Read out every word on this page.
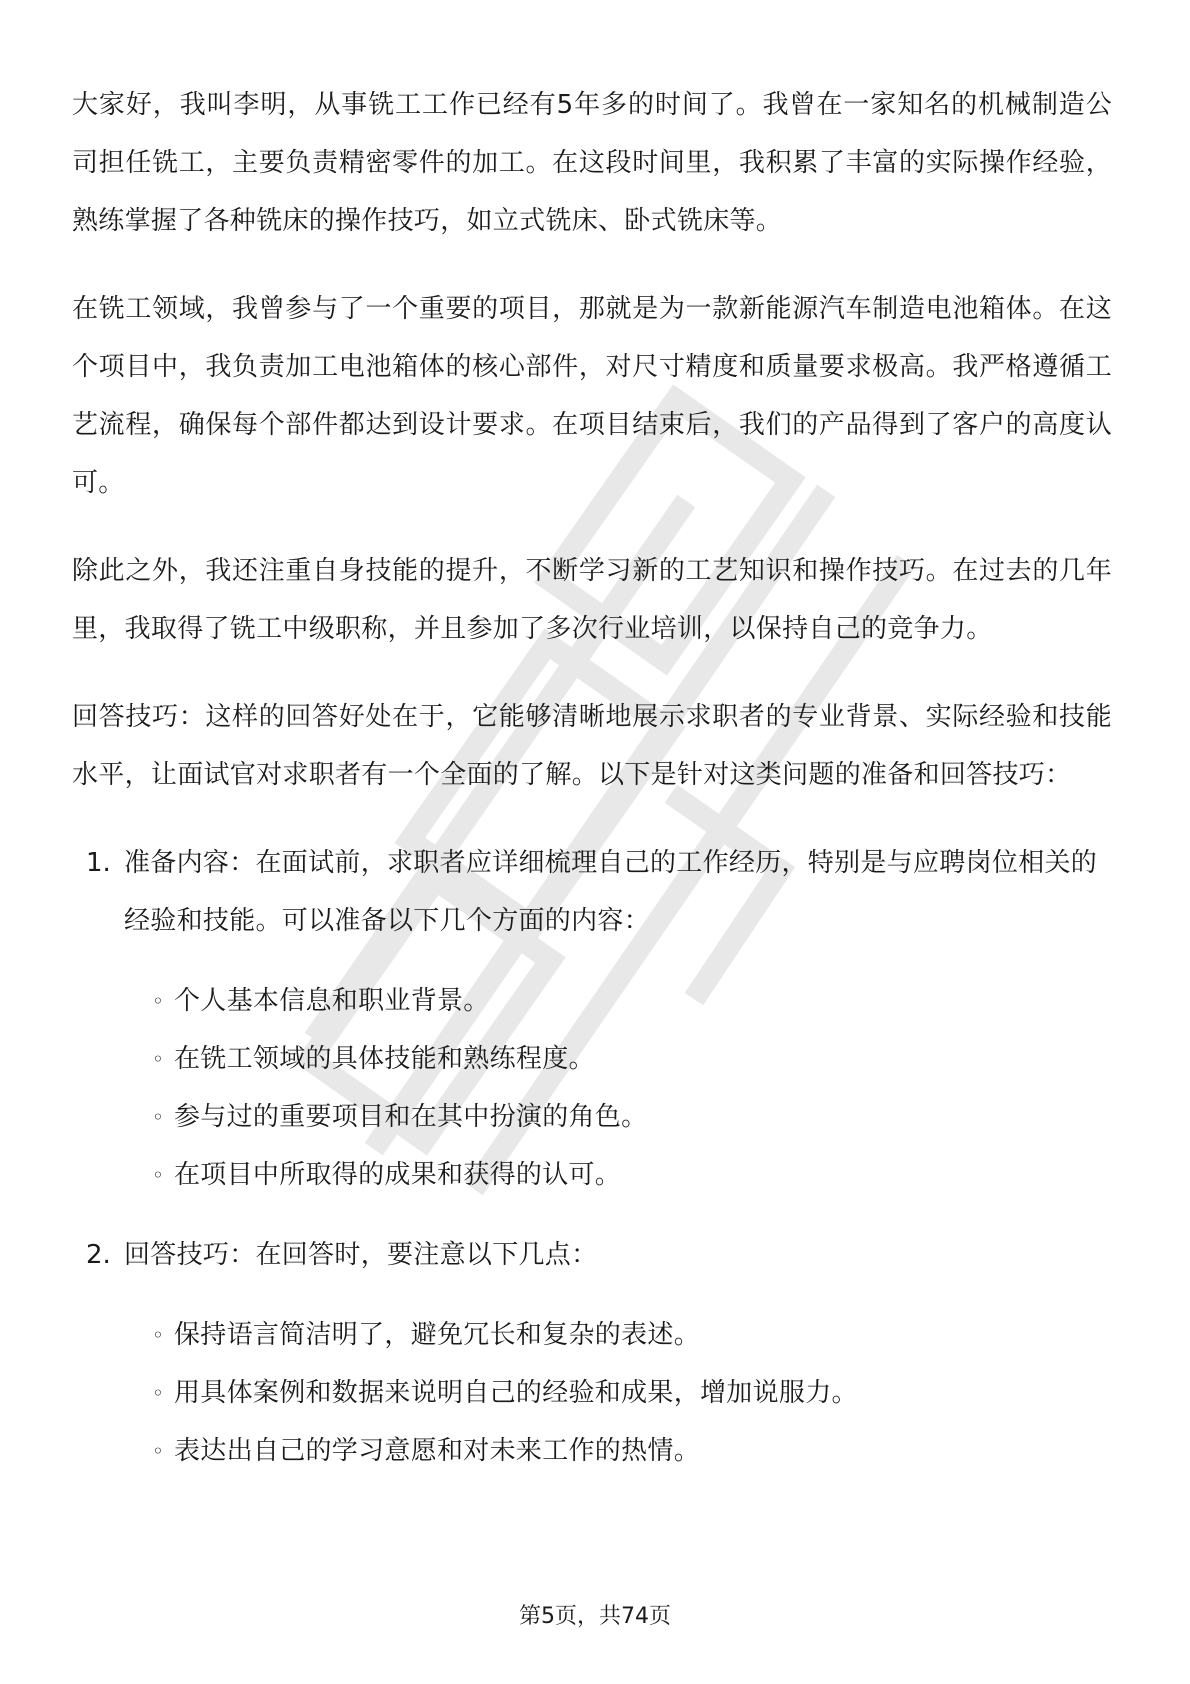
大家好，我叫李明，从事铣工工作已经有5年多的时间了。我曾在一家知名的机械制造公司担任铣工，主要负责精密零件的加工。在这段时间里，我积累了丰富的实际操作经验，熟练掌握了各种铣床的操作技巧，如立式铣床、卧式铣床等。

在铣工领域，我曾参与了一个重要的项目，那就是为一款新能源汽车制造电池箱体。在这个项目中，我负责加工电池箱体的核心部件，对尺寸精度和质量要求极高。我严格遵循工艺流程，确保每个部件都达到设计要求。在项目结束后，我们的产品得到了客户的高度认可。

除此之外，我还注重自身技能的提升，不断学习新的工艺知识和操作技巧。在过去的几年里，我取得了铣工中级职称，并且参加了多次行业培训，以保持自己的竞争力。

回答技巧：这样的回答好处在于，它能够清晰地展示求职者的专业背景、实际经验和技能水平，让面试官对求职者有一个全面的了解。以下是针对这类问题的准备和回答技巧：

1. 准备内容：在面试前，求职者应详细梳理自己的工作经历，特别是与应聘岗位相关的经验和技能。可以准备以下几个方面的内容：

◦ 个人基本信息和职业背景。
◦ 在铣工领域的具体技能和熟练程度。
◦ 参与过的重要项目和在其中扮演的角色。
◦ 在项目中所取得的成果和获得的认可。
2. 回答技巧：在回答时，要注意以下几点：

◦ 保持语言简洁明了，避免冗长和复杂的表述。
◦ 用具体案例和数据来说明自己的经验和成果，增加说服力。
◦ 表达出自己的学习意愿和对未来工作的热情。
第5页，共74页
